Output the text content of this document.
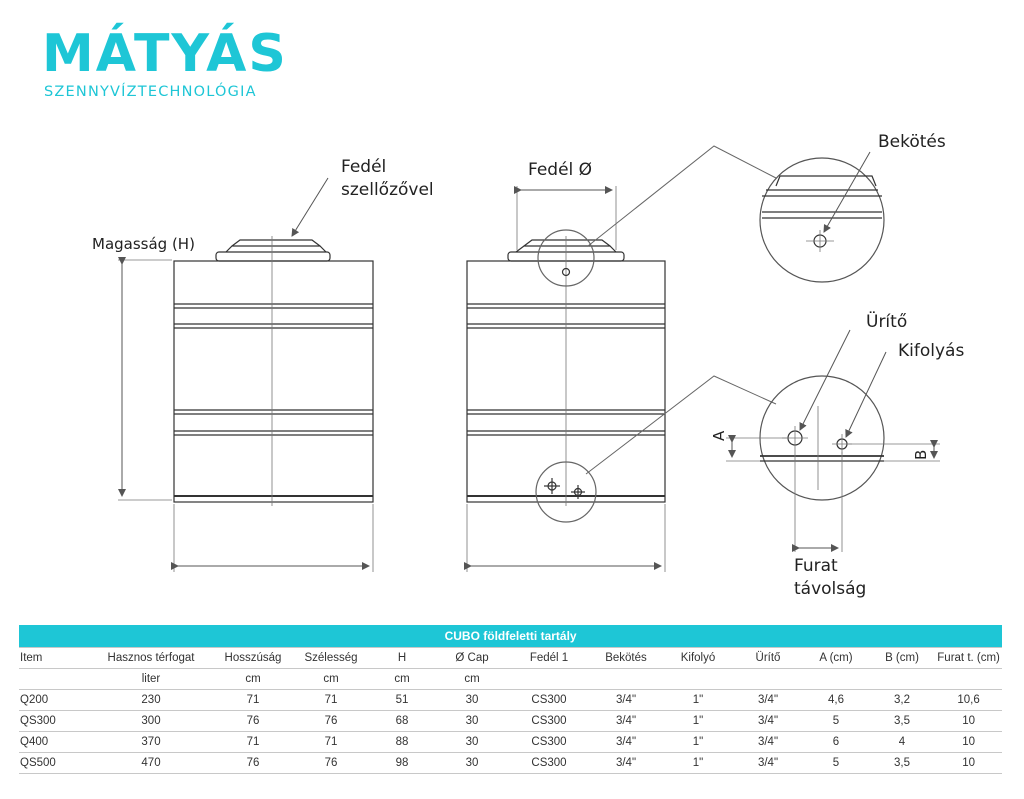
MÁTYÁS
SZENNYVÍZTECHNOLÓGIA
Fedél
szellőzővel
Magasság (H)
Fedél Ø
Bekötés
Ürítő
Kifolyás
A
B
Furat
távolság
CUBO földfeletti tartály												
Item	Hasznos térfogat	Hosszúság	Szélesség	H	Ø Cap	Fedél 1	Bekötés	Kifolyó	Ürítő	A (cm)	B (cm)	Furat t. (cm)
	liter	cm	cm	cm	cm							
Q200	230	71	71	51	30	CS300	3/4"	1"	3/4"	4,6	3,2	10,6
QS300	300	76	76	68	30	CS300	3/4"	1"	3/4"	5	3,5	10
Q400	370	71	71	88	30	CS300	3/4"	1"	3/4"	6	4	10
QS500	470	76	76	98	30	CS300	3/4"	1"	3/4"	5	3,5	10
